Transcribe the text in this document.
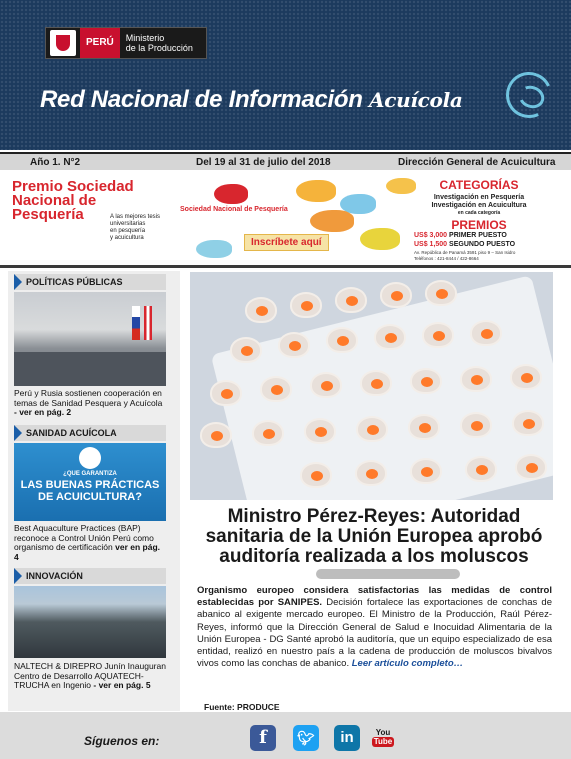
PERÚ	Ministerio
de la Producción
Red Nacional de Información Acuícola
Año 1. N°2	Del 19 al 31 de julio del 2018	Dirección General de Acuicultura
Premio Sociedad
Nacional de
Pesquería	A las mejores tesis
universitarias
en pesquería
y acuicultura
Sociedad Nacional de Pesquería
Inscríbete aquí
CATEGORÍAS
Investigación en Pesquería
Investigación en Acuicultura
en cada categoría
PREMIOS
US$ 3,000 PRIMER PUESTO
US$ 1,500 SEGUNDO PUESTO
Av. República de Panamá 3591 piso 9 – San Isidro
Teléfonos : 421-8444 / 422-8664
POLÍTICAS PÚBLICAS
Perú y Rusia sostienen cooperación en temas de Sanidad Pesquera y Acuícola - ver en pág. 2
SANIDAD ACUÍCOLA
¿QUE GARANTIZA
LAS BUENAS PRÁCTICAS
DE ACUICULTURA?
Best Aquaculture Practices (BAP) reconoce a Control Unión Perú como organismo de certificación ver en pág. 4
INNOVACIÓN
NALTECH & DIREPRO Junín Inauguran Centro de Desarrollo AQUATECH-TRUCHA en Ingenio - ver en pág. 5
Ministro Pérez-Reyes: Autoridad sanitaria de la Unión Europea aprobó auditoría realizada a los moluscos
Organismo europeo considera satisfactorias las medidas de control establecidas por SANIPES. Decisión fortalece las exportaciones de conchas de abanico al exigente mercado europeo. El Ministro de la Producción, Raúl Pérez-Reyes, informó que la Dirección General de Salud e Inocuidad Alimentaria de la Unión Europea - DG Santé aprobó la auditoría, que un equipo especializado de esa entidad, realizó en nuestro país a la cadena de producción de moluscos bivalvos vivos como las conchas de abanico. Leer artículo completo…
Fuente: PRODUCE
Síguenos en:	f	🐦︎	in	You
Tube
